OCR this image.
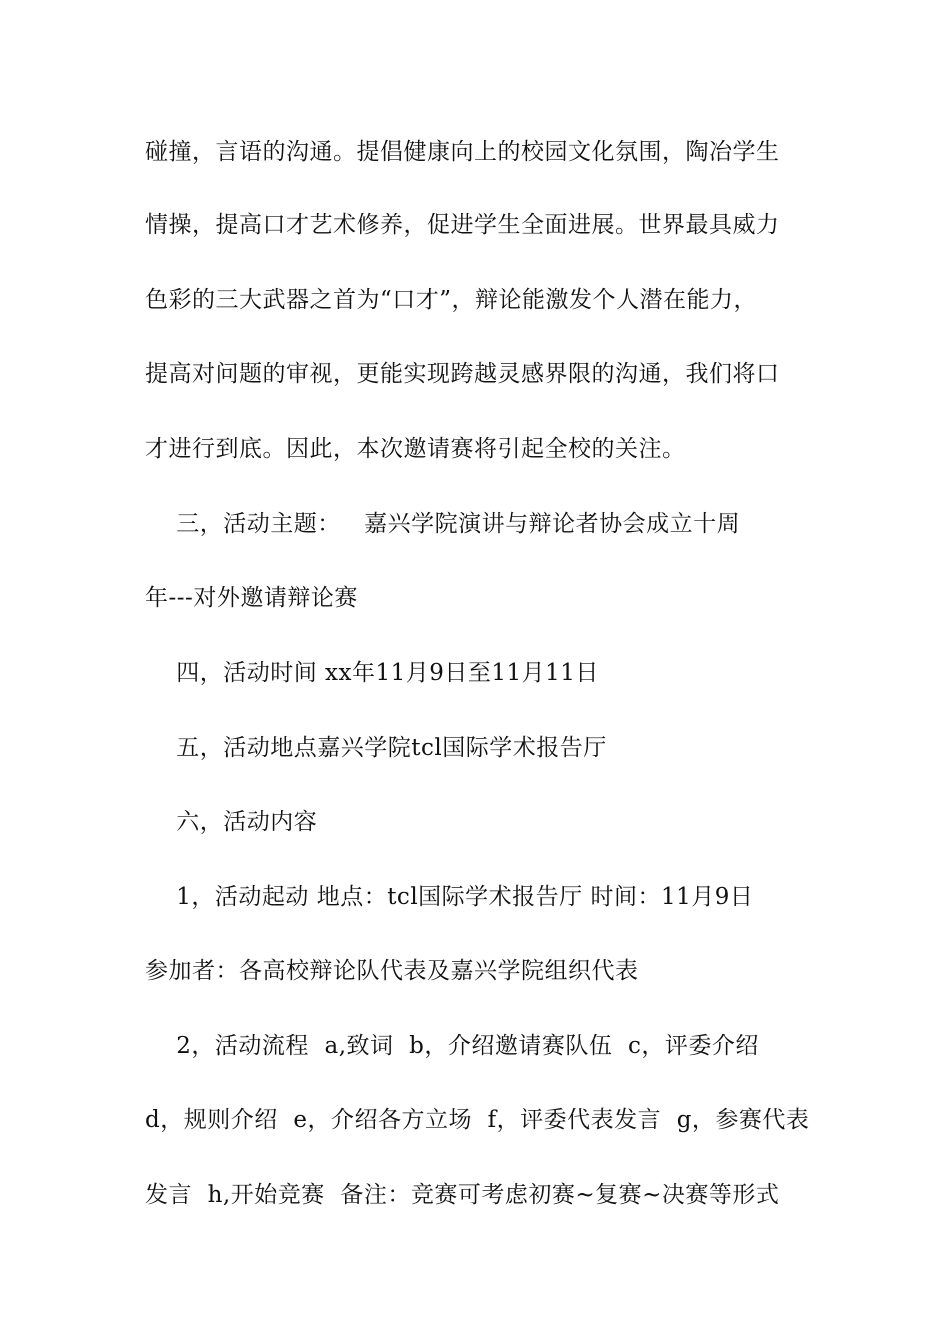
碰撞，言语的沟通。提倡健康向上的校园文化氛围，陶冶学生
情操，提高口才艺术修养，促进学生全面进展。世界最具威力
色彩的三大武器之首为“口才”，辩论能激发个人潜在能力，
提高对问题的审视，更能实现跨越灵感界限的沟通，我们将口
才进行到底。因此，本次邀请赛将引起全校的关注。
三，活动主题：   嘉兴学院演讲与辩论者协会成立十周
年---对外邀请辩论赛
四，活动时间 xx年11月9日至11月11日
五，活动地点嘉兴学院tcl国际学术报告厅
六，活动内容
1，活动起动 地点：tcl国际学术报告厅 时间：11月9日
参加者：各高校辩论队代表及嘉兴学院组织代表
2，活动流程  a,致词  b，介绍邀请赛队伍  c，评委介绍
d，规则介绍  e，介绍各方立场  f，评委代表发言  g，参赛代表
发言  h,开始竞赛  备注：竞赛可考虑初赛~复赛~决赛等形式
